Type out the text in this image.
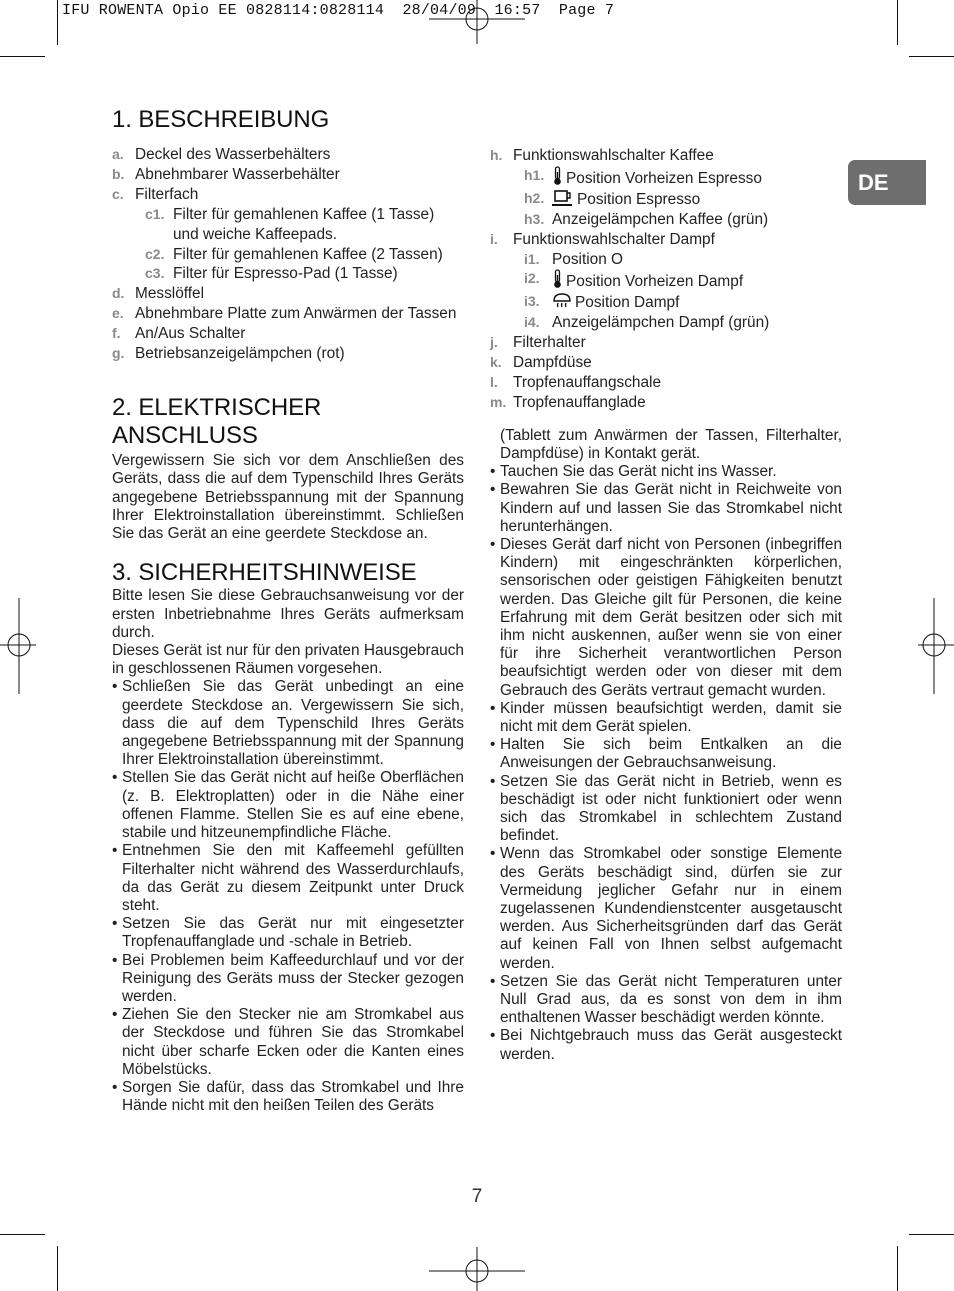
IFU ROWENTA Opio EE 0828114:0828114  28/04/09  16:57  Page 7
DE
1. BESCHREIBUNG
a. Deckel des Wasserbehälters
b. Abnehmbarer Wasserbehälter
c. Filterfach
c1. Filter für gemahlenen Kaffee (1 Tasse) und weiche Kaffeepads.
c2. Filter für gemahlenen Kaffee (2 Tassen)
c3. Filter für Espresso-Pad (1 Tasse)
d. Messlöffel
e. Abnehmbare Platte zum Anwärmen der Tassen
f. An/Aus Schalter
g. Betriebsanzeigelämpchen (rot)
2. ELEKTRISCHER ANSCHLUSS
Vergewissern Sie sich vor dem Anschließen des Geräts, dass die auf dem Typenschild Ihres Geräts angegebene Betriebsspannung mit der Spannung Ihrer Elektroinstallation übereinstimmt. Schließen Sie das Gerät an eine geerdete Steckdose an.
3. SICHERHEITSHINWEISE
Bitte lesen Sie diese Gebrauchsanweisung vor der ersten Inbetriebnahme Ihres Geräts aufmerksam durch.
Dieses Gerät ist nur für den privaten Hausgebrauch in geschlossenen Räumen vorgesehen.
• Schließen Sie das Gerät unbedingt an eine geerdete Steckdose an. Vergewissern Sie sich, dass die auf dem Typenschild Ihres Geräts angegebene Betriebsspannung mit der Spannung Ihrer Elektroinstallation übereinstimmt.
• Stellen Sie das Gerät nicht auf heiße Oberflächen (z. B. Elektroplatten) oder in die Nähe einer offenen Flamme. Stellen Sie es auf eine ebene, stabile und hitzeunempfindliche Fläche.
• Entnehmen Sie den mit Kaffeemehl gefüllten Filterhalter nicht während des Wasserdurchlaufs, da das Gerät zu diesem Zeitpunkt unter Druck steht.
• Setzen Sie das Gerät nur mit eingesetzter Tropfenauffanglade und -schale in Betrieb.
• Bei Problemen beim Kaffeedurchlauf und vor der Reinigung des Geräts muss der Stecker gezogen werden.
• Ziehen Sie den Stecker nie am Stromkabel aus der Steckdose und führen Sie das Stromkabel nicht über scharfe Ecken oder die Kanten eines Möbelstücks.
• Sorgen Sie dafür, dass das Stromkabel und Ihre Hände nicht mit den heißen Teilen des Geräts
h. Funktionswahlschalter Kaffee
h1.	Position Vorheizen Espresso
h2.	Position Espresso
h3. Anzeigelämpchen Kaffee (grün)
i. Funktionswahlschalter Dampf
i1. Position O
i2.	Position Vorheizen Dampf
i3.	Position Dampf
i4. Anzeigelämpchen Dampf (grün)
j. Filterhalter
k. Dampfdüse
l. Tropfenauffangschale
m. Tropfenauffanglade
(Tablett zum Anwärmen der Tassen, Filterhalter, Dampfdüse) in Kontakt gerät.
• Tauchen Sie das Gerät nicht ins Wasser.
• Bewahren Sie das Gerät nicht in Reichweite von Kindern auf und lassen Sie das Stromkabel nicht herunterhängen.
• Dieses Gerät darf nicht von Personen (inbegriffen Kindern) mit eingeschränkten körperlichen, sensorischen oder geistigen Fähigkeiten benutzt werden. Das Gleiche gilt für Personen, die keine Erfahrung mit dem Gerät besitzen oder sich mit ihm nicht auskennen, außer wenn sie von einer für ihre Sicherheit verantwortlichen Person beaufsichtigt werden oder von dieser mit dem Gebrauch des Geräts vertraut gemacht wurden.
• Kinder müssen beaufsichtigt werden, damit sie nicht mit dem Gerät spielen.
• Halten Sie sich beim Entkalken an die Anweisungen der Gebrauchsanweisung.
• Setzen Sie das Gerät nicht in Betrieb, wenn es beschädigt ist oder nicht funktioniert oder wenn sich das Stromkabel in schlechtem Zustand befindet.
• Wenn das Stromkabel oder sonstige Elemente des Geräts beschädigt sind, dürfen sie zur Vermeidung jeglicher Gefahr nur in einem zugelassenen Kundendienstcenter ausgetauscht werden. Aus Sicherheitsgründen darf das Gerät auf keinen Fall von Ihnen selbst aufgemacht werden.
• Setzen Sie das Gerät nicht Temperaturen unter Null Grad aus, da es sonst von dem in ihm enthaltenen Wasser beschädigt werden könnte.
• Bei Nichtgebrauch muss das Gerät ausgesteckt werden.
7
